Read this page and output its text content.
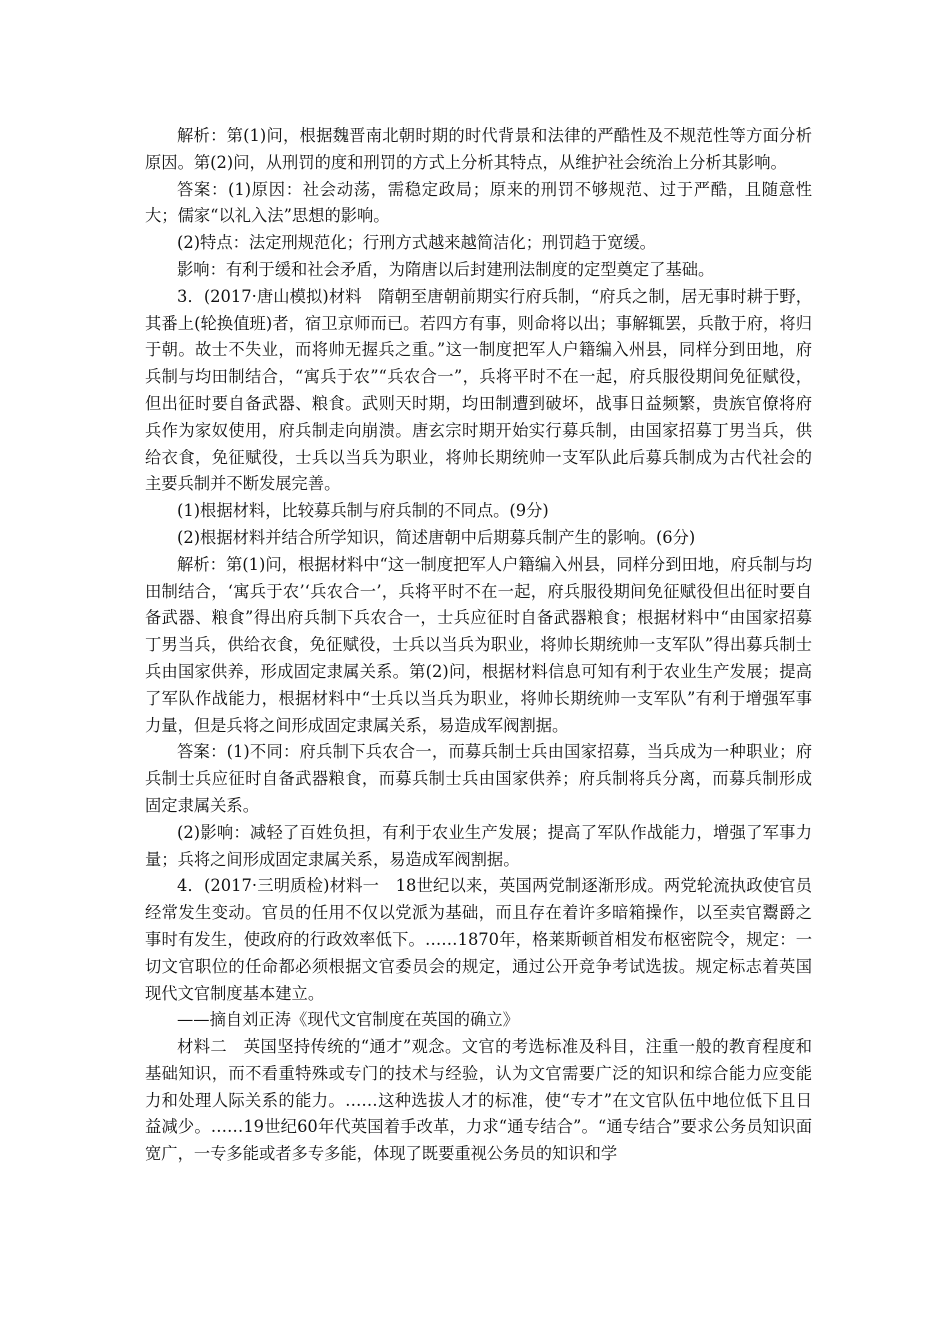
解析：第(1)问，根据魏晋南北朝时期的时代背景和法律的严酷性及不规范性等方面分析原因。第(2)问，从刑罚的度和刑罚的方式上分析其特点，从维护社会统治上分析其影响。

答案：(1)原因：社会动荡，需稳定政局；原来的刑罚不够规范、过于严酷，且随意性大；儒家“以礼入法”思想的影响。

(2)特点：法定刑规范化；行刑方式越来越简洁化；刑罚趋于宽缓。

影响：有利于缓和社会矛盾，为隋唐以后封建刑法制度的定型奠定了基础。

3．(2017·唐山模拟)材料　隋朝至唐朝前期实行府兵制，“府兵之制，居无事时耕于野，其番上(轮换值班)者，宿卫京师而已。若四方有事，则命将以出；事解辄罢，兵散于府，将归于朝。故士不失业，而将帅无握兵之重。”这一制度把军人户籍编入州县，同样分到田地，府兵制与均田制结合，“寓兵于农”“兵农合一”，兵将平时不在一起，府兵服役期间免征赋役，但出征时要自备武器、粮食。武则天时期，均田制遭到破坏，战事日益频繁，贵族官僚将府兵作为家奴使用，府兵制走向崩溃。唐玄宗时期开始实行募兵制，由国家招募丁男当兵，供给衣食，免征赋役，士兵以当兵为职业，将帅长期统帅一支军队此后募兵制成为古代社会的主要兵制并不断发展完善。

(1)根据材料，比较募兵制与府兵制的不同点。(9分)

(2)根据材料并结合所学知识，简述唐朝中后期募兵制产生的影响。(6分)

解析：第(1)问，根据材料中“这一制度把军人户籍编入州县，同样分到田地，府兵制与均田制结合，‘寓兵于农’‘兵农合一’，兵将平时不在一起，府兵服役期间免征赋役但出征时要自备武器、粮食”得出府兵制下兵农合一，士兵应征时自备武器粮食；根据材料中“由国家招募丁男当兵，供给衣食，免征赋役，士兵以当兵为职业，将帅长期统帅一支军队”得出募兵制士兵由国家供养，形成固定隶属关系。第(2)问，根据材料信息可知有利于农业生产发展；提高了军队作战能力，根据材料中“士兵以当兵为职业，将帅长期统帅一支军队”有利于增强军事力量，但是兵将之间形成固定隶属关系，易造成军阀割据。

答案：(1)不同：府兵制下兵农合一，而募兵制士兵由国家招募，当兵成为一种职业；府兵制士兵应征时自备武器粮食，而募兵制士兵由国家供养；府兵制将兵分离，而募兵制形成固定隶属关系。

(2)影响：减轻了百姓负担，有利于农业生产发展；提高了军队作战能力，增强了军事力量；兵将之间形成固定隶属关系，易造成军阀割据。

4．(2017·三明质检)材料一　18世纪以来，英国两党制逐渐形成。两党轮流执政使官员经常发生变动。官员的任用不仅以党派为基础，而且存在着许多暗箱操作，以至卖官鬻爵之事时有发生，使政府的行政效率低下。……1870年，格莱斯顿首相发布枢密院令，规定：一切文官职位的任命都必须根据文官委员会的规定，通过公开竞争考试选拔。规定标志着英国现代文官制度基本建立。

——摘自刘正涛《现代文官制度在英国的确立》

材料二　英国坚持传统的“通才”观念。文官的考选标准及科目，注重一般的教育程度和基础知识，而不看重特殊或专门的技术与经验，认为文官需要广泛的知识和综合能力应变能力和处理人际关系的能力。……这种选拔人才的标准，使“专才”在文官队伍中地位低下且日益减少。……19世纪60年代英国着手改革，力求“通专结合”。“通专结合”要求公务员知识面宽广，一专多能或者多专多能，体现了既要重视公务员的知识和学
